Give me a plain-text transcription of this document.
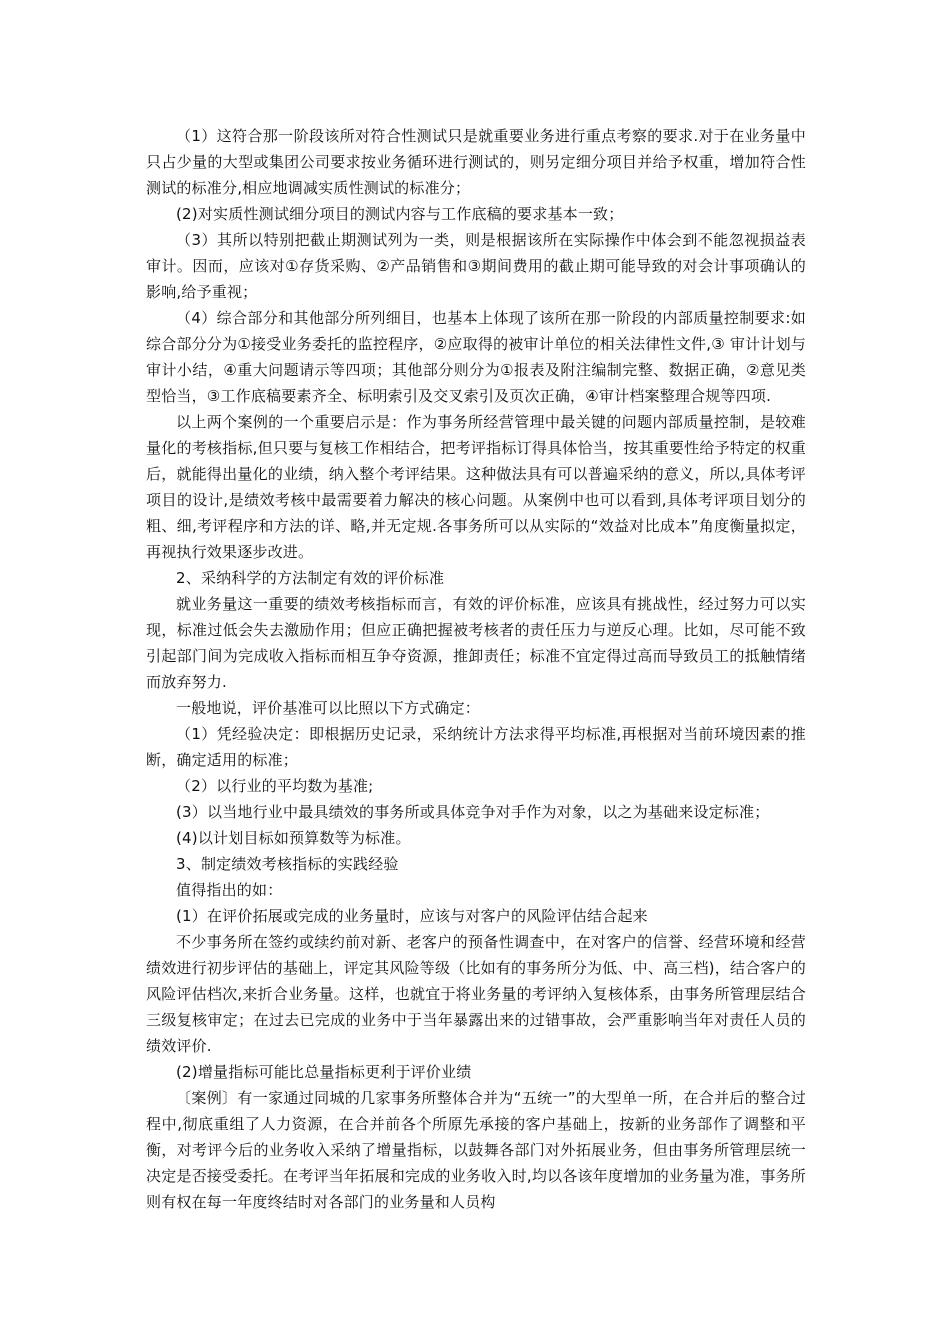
（1）这符合那一阶段该所对符合性测试只是就重要业务进行重点考察的要求.对于在业务量中只占少量的大型或集团公司要求按业务循环进行测试的，则另定细分项目并给予权重，增加符合性测试的标准分,相应地调减实质性测试的标准分；

(2)对实质性测试细分项目的测试内容与工作底稿的要求基本一致；

（3）其所以特别把截止期测试列为一类，则是根据该所在实际操作中体会到不能忽视损益表审计。因而，应该对①存货采购、②产品销售和③期间费用的截止期可能导致的对会计事项确认的影响,给予重视；

（4）综合部分和其他部分所列细目，也基本上体现了该所在那一阶段的内部质量控制要求:如综合部分分为①接受业务委托的监控程序，②应取得的被审计单位的相关法律性文件,③ 审计计划与审计小结，④重大问题请示等四项；其他部分则分为①报表及附注编制完整、数据正确，②意见类型恰当，③工作底稿要素齐全、标明索引及交叉索引及页次正确，④审计档案整理合规等四项.

以上两个案例的一个重要启示是：作为事务所经营管理中最关键的问题内部质量控制，是较难量化的考核指标,但只要与复核工作相结合，把考评指标订得具体恰当，按其重要性给予特定的权重后，就能得出量化的业绩，纳入整个考评结果。这种做法具有可以普遍采纳的意义，所以,具体考评项目的设计,是绩效考核中最需要着力解决的核心问题。从案例中也可以看到,具体考评项目划分的粗、细,考评程序和方法的详、略,并无定规.各事务所可以从实际的“效益对比成本”角度衡量拟定，再视执行效果逐步改进。

2、采纳科学的方法制定有效的评价标准

就业务量这一重要的绩效考核指标而言，有效的评价标准，应该具有挑战性，经过努力可以实现，标准过低会失去激励作用；但应正确把握被考核者的责任压力与逆反心理。比如，尽可能不致引起部门间为完成收入指标而相互争夺资源，推卸责任；标准不宜定得过高而导致员工的抵触情绪而放弃努力.

一般地说，评价基准可以比照以下方式确定：

（1）凭经验决定：即根据历史记录，采纳统计方法求得平均标准,再根据对当前环境因素的推断，确定适用的标准；

（2）以行业的平均数为基准;

(3）以当地行业中最具绩效的事务所或具体竞争对手作为对象，以之为基础来设定标准；

(4)以计划目标如预算数等为标准。

3、制定绩效考核指标的实践经验

值得指出的如：

(1）在评价拓展或完成的业务量时，应该与对客户的风险评估结合起来

不少事务所在签约或续约前对新、老客户的预备性调查中，在对客户的信誉、经营环境和经营绩效进行初步评估的基础上，评定其风险等级（比如有的事务所分为低、中、高三档)，结合客户的风险评估档次,来折合业务量。这样，也就宜于将业务量的考评纳入复核体系，由事务所管理层结合三级复核审定；在过去已完成的业务中于当年暴露出来的过错事故，会严重影响当年对责任人员的绩效评价.

(2)增量指标可能比总量指标更利于评价业绩

〔案例〕有一家通过同城的几家事务所整体合并为“五统一”的大型单一所，在合并后的整合过程中,彻底重组了人力资源，在合并前各个所原先承接的客户基础上，按新的业务部作了调整和平衡，对考评今后的业务收入采纳了增量指标，以鼓舞各部门对外拓展业务，但由事务所管理层统一决定是否接受委托。在考评当年拓展和完成的业务收入时,均以各该年度增加的业务量为准，事务所则有权在每一年度终结时对各部门的业务量和人员构
